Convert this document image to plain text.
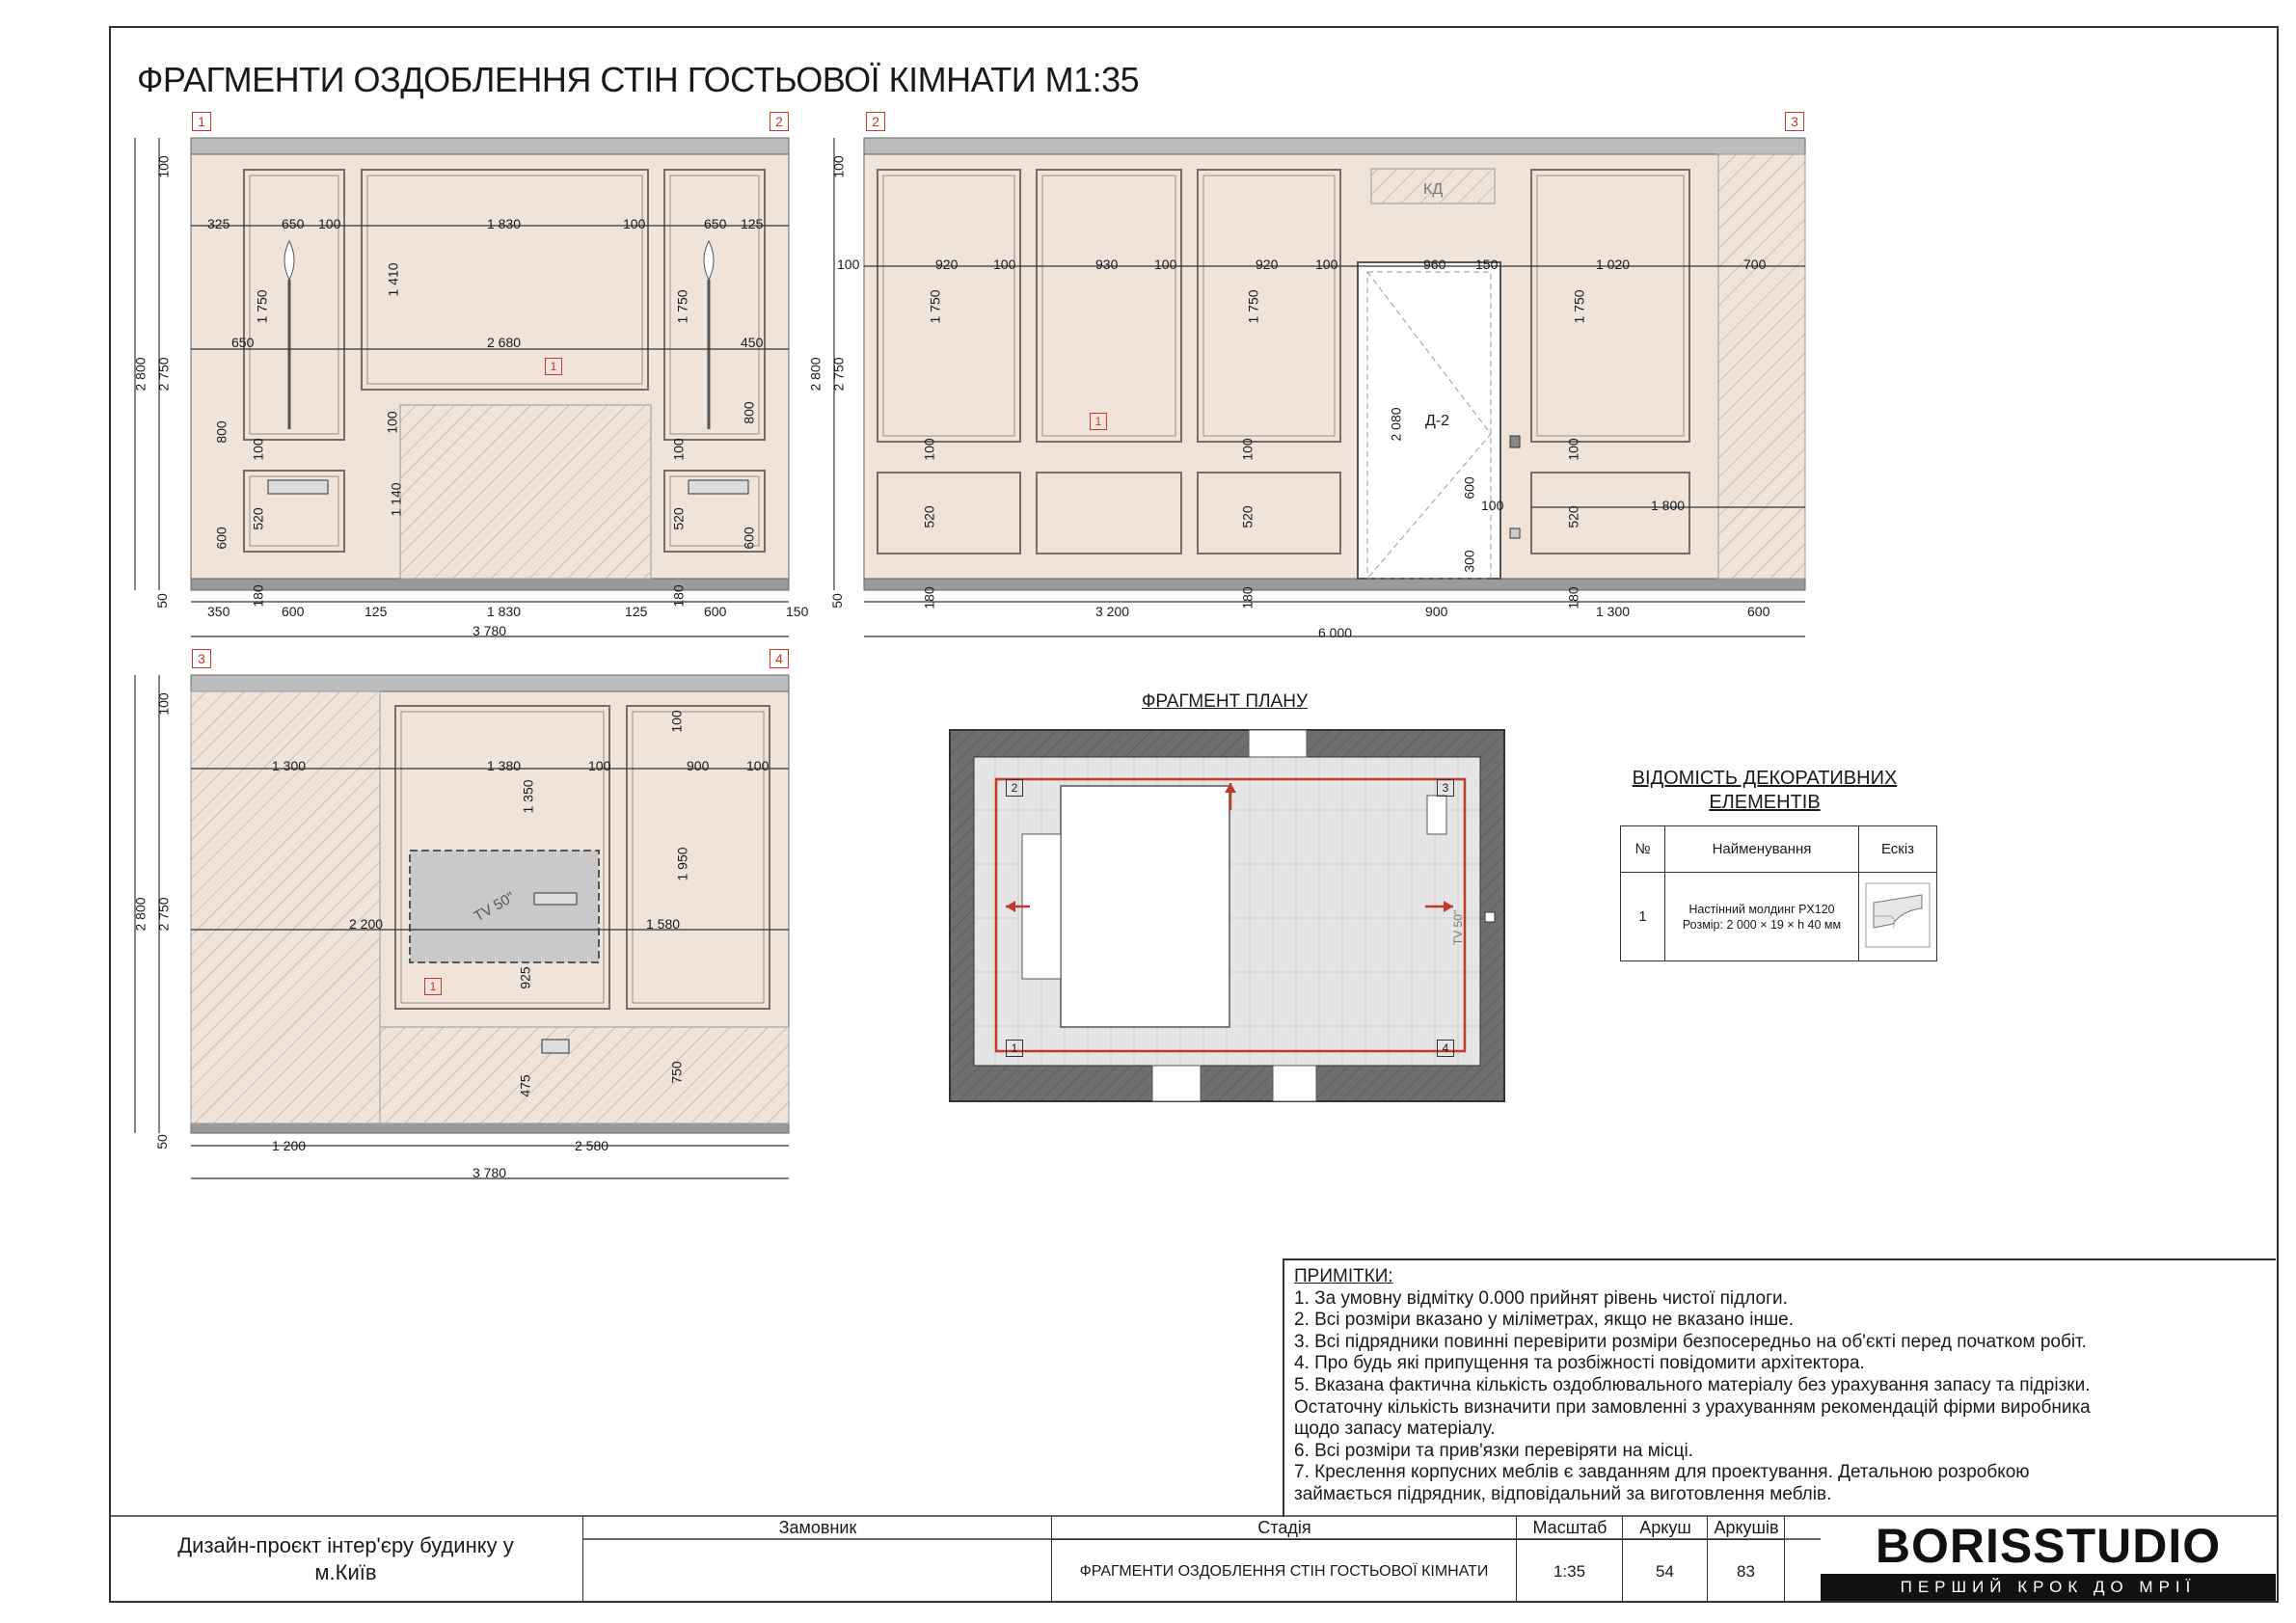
ФРАГМЕНТИ ОЗДОБЛЕННЯ СТІН ГОСТЬОВОЇ КІМНАТИ М1:35
1	2
325	650 100	1 830	100	650 125
650	2 680	450
350	600	125	1 830	125	600	150
3 780
2 800 2 750
100
50
1 750
1 410
1 750
800
100
1 140
100
520
600
180
100
520
180
800
600
1
2	3
100	920	100	930	100	920	100	960 150	1 020	700
3 200	900	1 300	600
6 000
2 800 2 750
100
50
1 750	1 750
2 080
1 750
520
100
520
100
600
100
300
520
100
180	180	180
1 800
Д-2
КД
1
3	4
1 300	1 380	100	900	100
2 200	1 580
1 200	2 580
3 780
2 800 2 750
100
50
1 350
1 950
925
475
750
100
TV 50"
1
ФРАГМЕНТ ПЛАНУ
2	3
1	4
TV 50"
ВІДОМІСТЬ ДЕКОРАТИВНИХ
ЕЛЕМЕНТІВ
№	Найменування	Ескіз
1	Настінний молдинг PX120
Розмір: 2 000 × 19 × h 40 мм

ПРИМІТКИ:

1. За умовну відмітку 0.000 прийнят рівень чистої підлоги.

2. Всі розміри вказано у міліметрах, якщо не вказано інше.

3. Всі підрядники повинні перевірити розміри безпосередньо на об'єкті перед початком робіт.

4. Про будь які припущення та розбіжності повідомити архітектора.

5. Вказана фактична кількість оздоблювального матеріалу без урахування запасу та підрізки.

Остаточну кількість визначити при замовленні з урахуванням рекомендацій фірми виробника

щодо запасу матеріалу.

6. Всі розміри та прив'язки перевіряти на місці.

7. Креслення корпусних меблів є завданням для проектування. Детальною розробкою

займається підрядник, відповідальний за виготовлення меблів.

Дизайн-проєкт інтер'єру будинку у
м.Київ
Замовник	Стадія
ФРАГМЕНТИ ОЗДОБЛЕННЯ СТІН ГОСТЬОВОЇ КІМНАТИ
Масштаб
1:35
Аркуш
54
Аркушів
83	BORISSTUDIO
ПЕРШИЙ КРОК ДО МРІЇ
